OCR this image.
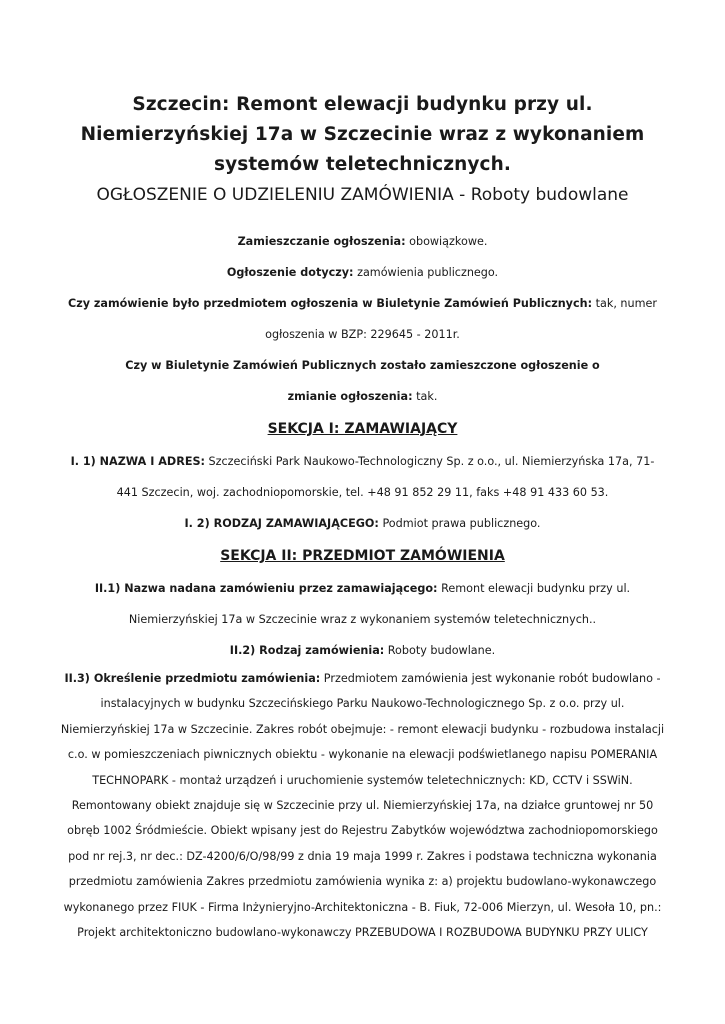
Szczecin: Remont elewacji budynku przy ul. Niemierzyńskiej 17a w Szczecinie wraz z wykonaniem systemów teletechnicznych.
OGŁOSZENIE O UDZIELENIU ZAMÓWIENIA - Roboty budowlane

Zamieszczanie ogłoszenia: obowiązkowe.

Ogłoszenie dotyczy: zamówienia publicznego.

Czy zamówienie było przedmiotem ogłoszenia w Biuletynie Zamówień Publicznych: tak, numer ogłoszenia w BZP: 229645 - 2011r.

Czy w Biuletynie Zamówień Publicznych zostało zamieszczone ogłoszenie o zmianie ogłoszenia: tak.

SEKCJA I: ZAMAWIAJĄCY

I. 1) NAZWA I ADRES: Szczeciński Park Naukowo-Technologiczny Sp. z o.o., ul. Niemierzyńska 17a, 71-441 Szczecin, woj. zachodniopomorskie, tel. +48 91 852 29 11, faks +48 91 433 60 53.

I. 2) RODZAJ ZAMAWIAJĄCEGO: Podmiot prawa publicznego.

SEKCJA II: PRZEDMIOT ZAMÓWIENIA

II.1) Nazwa nadana zamówieniu przez zamawiającego: Remont elewacji budynku przy ul. Niemierzyńskiej 17a w Szczecinie wraz z wykonaniem systemów teletechnicznych..

II.2) Rodzaj zamówienia: Roboty budowlane.

II.3) Określenie przedmiotu zamówienia: Przedmiotem zamówienia jest wykonanie robót budowlano - instalacyjnych w budynku Szczecińskiego Parku Naukowo-Technologicznego Sp. z o.o. przy ul. Niemierzyńskiej 17a w Szczecinie. Zakres robót obejmuje: - remont elewacji budynku - rozbudowa instalacji c.o. w pomieszczeniach piwnicznych obiektu - wykonanie na elewacji podświetlanego napisu POMERANIA TECHNOPARK - montaż urządzeń i uruchomienie systemów teletechnicznych: KD, CCTV i SSWiN. Remontowany obiekt znajduje się w Szczecinie przy ul. Niemierzyńskiej 17a, na działce gruntowej nr 50 obręb 1002 Śródmieście. Obiekt wpisany jest do Rejestru Zabytków województwa zachodniopomorskiego pod nr rej.3, nr dec.: DZ-4200/6/O/98/99 z dnia 19 maja 1999 r. Zakres i podstawa techniczna wykonania przedmiotu zamówienia Zakres przedmiotu zamówienia wynika z: a) projektu budowlano-wykonawczego wykonanego przez FIUK - Firma Inżynieryjno-Architektoniczna - B. Fiuk, 72-006 Mierzyn, ul. Wesoła 10, pn.: Projekt architektoniczno budowlano-wykonawczy PRZEBUDOWA I ROZBUDOWA BUDYNKU PRZY ULICY
